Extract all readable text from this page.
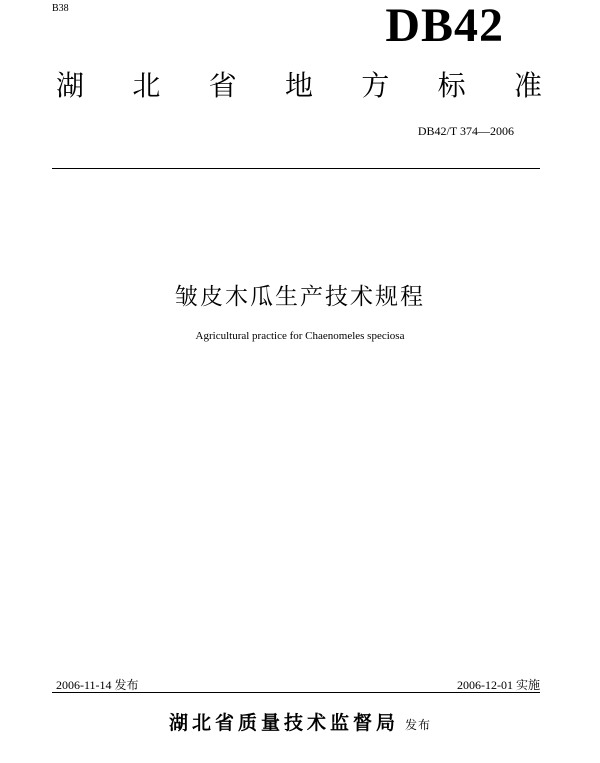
B38	DB42
湖 北 省 地 方 标 准
DB42/T 374—2006
皱皮木瓜生产技术规程
Agricultural practice for Chaenomeles speciosa
2006-11-14 发布	2006-12-01 实施
湖北省质量技术监督局 发布
